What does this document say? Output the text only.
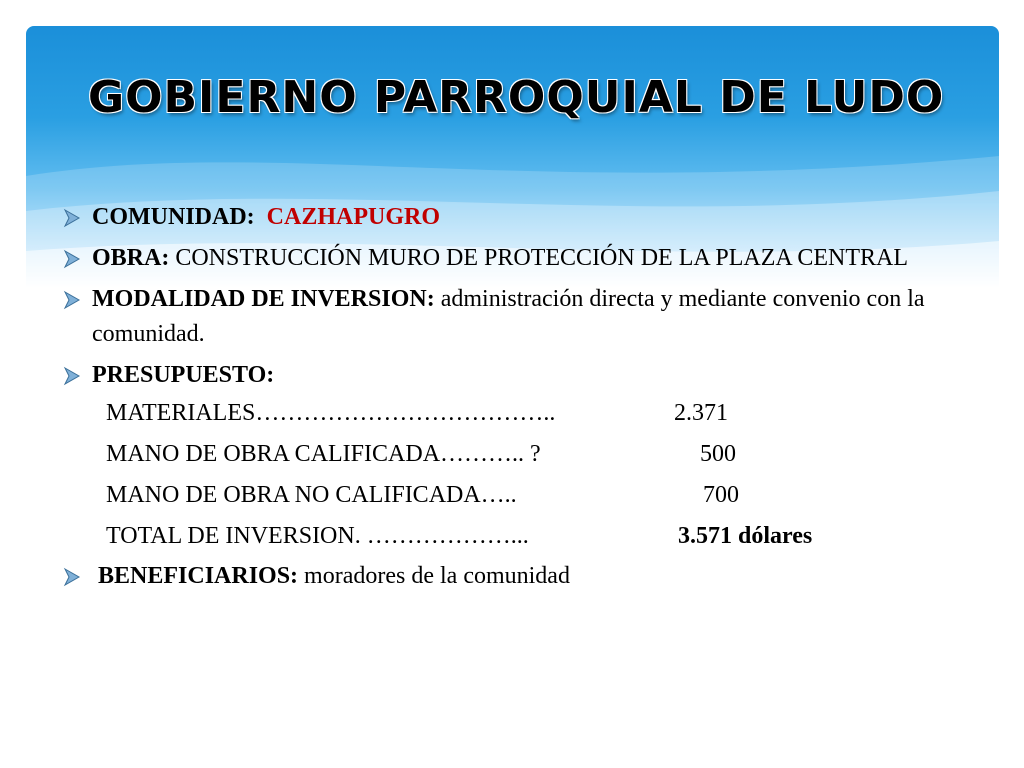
GOBIERNO PARROQUIAL DE LUDO
COMUNIDAD: CAZHAPUGRO
OBRA: CONSTRUCCIÓN MURO DE PROTECCIÓN DE LA PLAZA CENTRAL
MODALIDAD DE INVERSION: administración directa y mediante convenio con la comunidad.
PRESUPUESTO:
MATERIALES………………………………..	2.371
MANO DE OBRA CALIFICADA……….. ?	500
MANO DE OBRA NO CALIFICADA…..	700
TOTAL DE INVERSION. ………………...	3.571 dólares
BENEFICIARIOS: moradores de la comunidad
